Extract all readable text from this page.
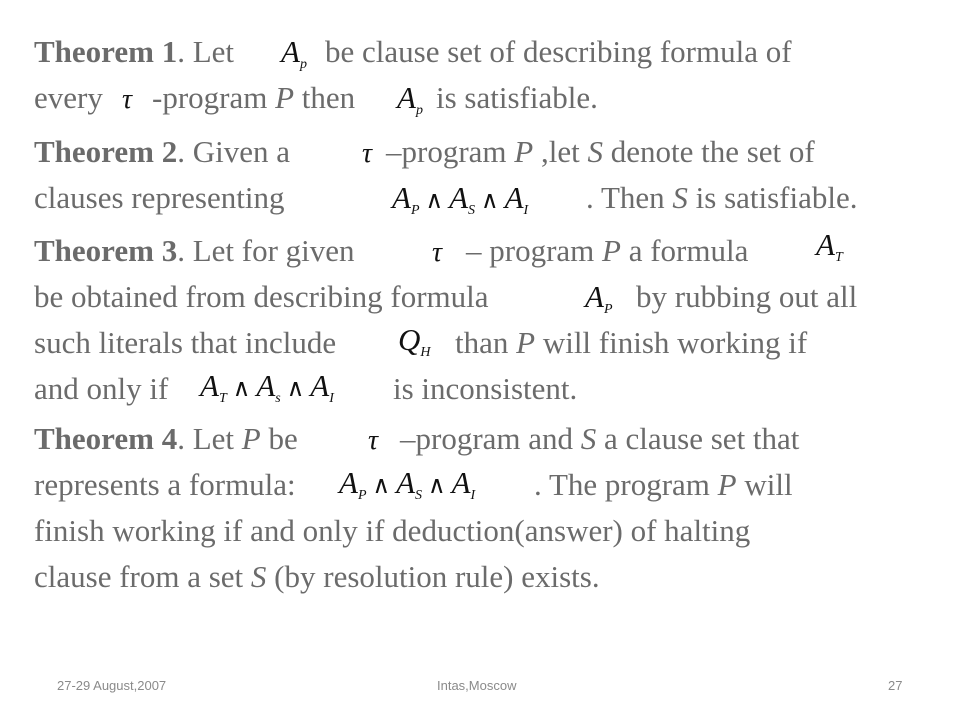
Theorem 1. Let $A_p$ be clause set of describing formula of
every τ -program P then $A_p$ is satisfiable.
Theorem 2. Given a	τ –program P ,let S denote the set of
clauses representing	$A_P$ ∧ $A_S$ ∧ $A_I$ . Then S is satisfiable.
Theorem 3. Let for given	τ – program P a formula $A_T$
be obtained from describing formula	$A_P$ by rubbing out all
such literals that include $Q_H$ than P will finish working if
and only if $A_T$ ∧ $A_s$ ∧ $A_I$ is inconsistent.
Theorem 4. Let P be	τ –program and S a clause set that
represents a formula: $A_P$ ∧ $A_S$ ∧ $A_I$ . The program P will
finish working if and only if deduction(answer) of halting
clause from a set S (by resolution rule) exists.
27-29 August,2007	Intas,Moscow	27
